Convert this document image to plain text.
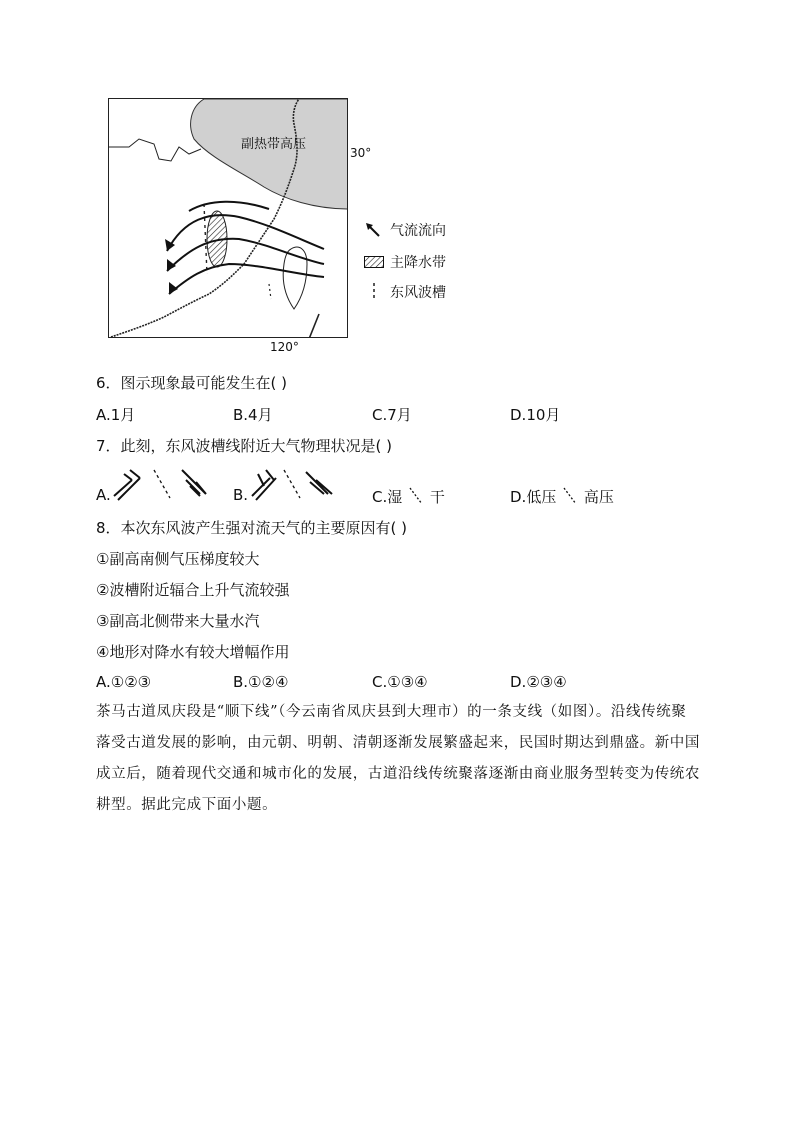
副热带高压
30°
120°
气流流向
主降水带
东风波槽
6．图示现象最可能发生在( )
A.1月	B.4月	C.7月	D.10月
7．此刻，东风波槽线附近大气物理状况是( )
A.	B.	C.湿 干	D.低压 高压
8．本次东风波产生强对流天气的主要原因有( )
①副高南侧气压梯度较大
②波槽附近辐合上升气流较强
③副高北侧带来大量水汽
④地形对降水有较大增幅作用
A.①②③	B.①②④	C.①③④	D.②③④
茶马古道凤庆段是“顺下线”（今云南省凤庆县到大理市）的一条支线（如图）。沿线传统聚落受古道发展的影响，由元朝、明朝、清朝逐渐发展繁盛起来，民国时期达到鼎盛。新中国成立后，随着现代交通和城市化的发展，古道沿线传统聚落逐渐由商业服务型转变为传统农耕型。据此完成下面小题。
